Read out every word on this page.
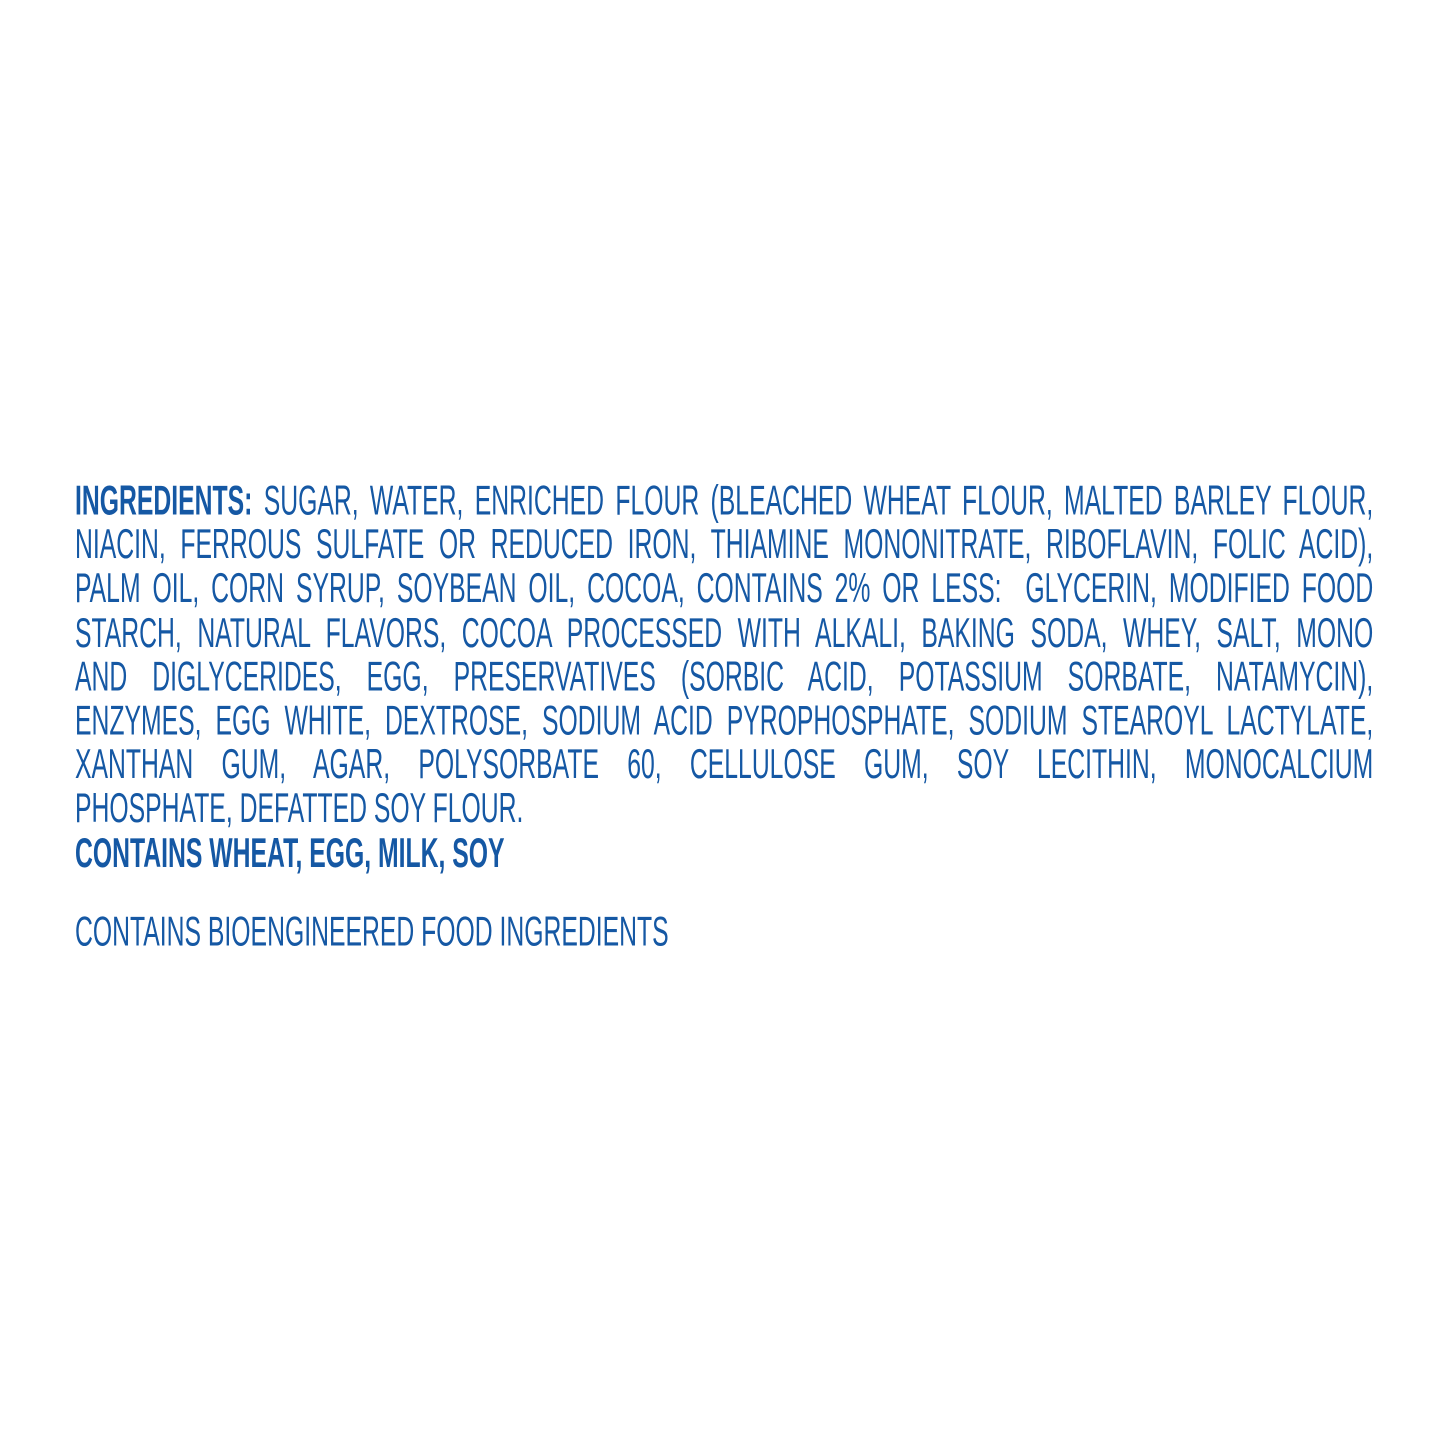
INGREDIENTS: SUGAR, WATER, ENRICHED FLOUR (BLEACHED WHEAT FLOUR, MALTED BARLEY FLOUR,
NIACIN, FERROUS SULFATE OR REDUCED IRON, THIAMINE MONONITRATE, RIBOFLAVIN, FOLIC ACID),
PALM OIL, CORN SYRUP, SOYBEAN OIL, COCOA, CONTAINS 2% OR LESS:  GLYCERIN, MODIFIED FOOD
STARCH, NATURAL FLAVORS, COCOA PROCESSED WITH ALKALI, BAKING SODA, WHEY, SALT, MONO
AND DIGLYCERIDES, EGG, PRESERVATIVES (SORBIC ACID, POTASSIUM SORBATE, NATAMYCIN),
ENZYMES, EGG WHITE, DEXTROSE, SODIUM ACID PYROPHOSPHATE, SODIUM STEAROYL LACTYLATE,
XANTHAN GUM, AGAR, POLYSORBATE 60, CELLULOSE GUM, SOY LECITHIN, MONOCALCIUM
PHOSPHATE, DEFATTED SOY FLOUR.
CONTAINS WHEAT, EGG, MILK, SOY
CONTAINS BIOENGINEERED FOOD INGREDIENTS
